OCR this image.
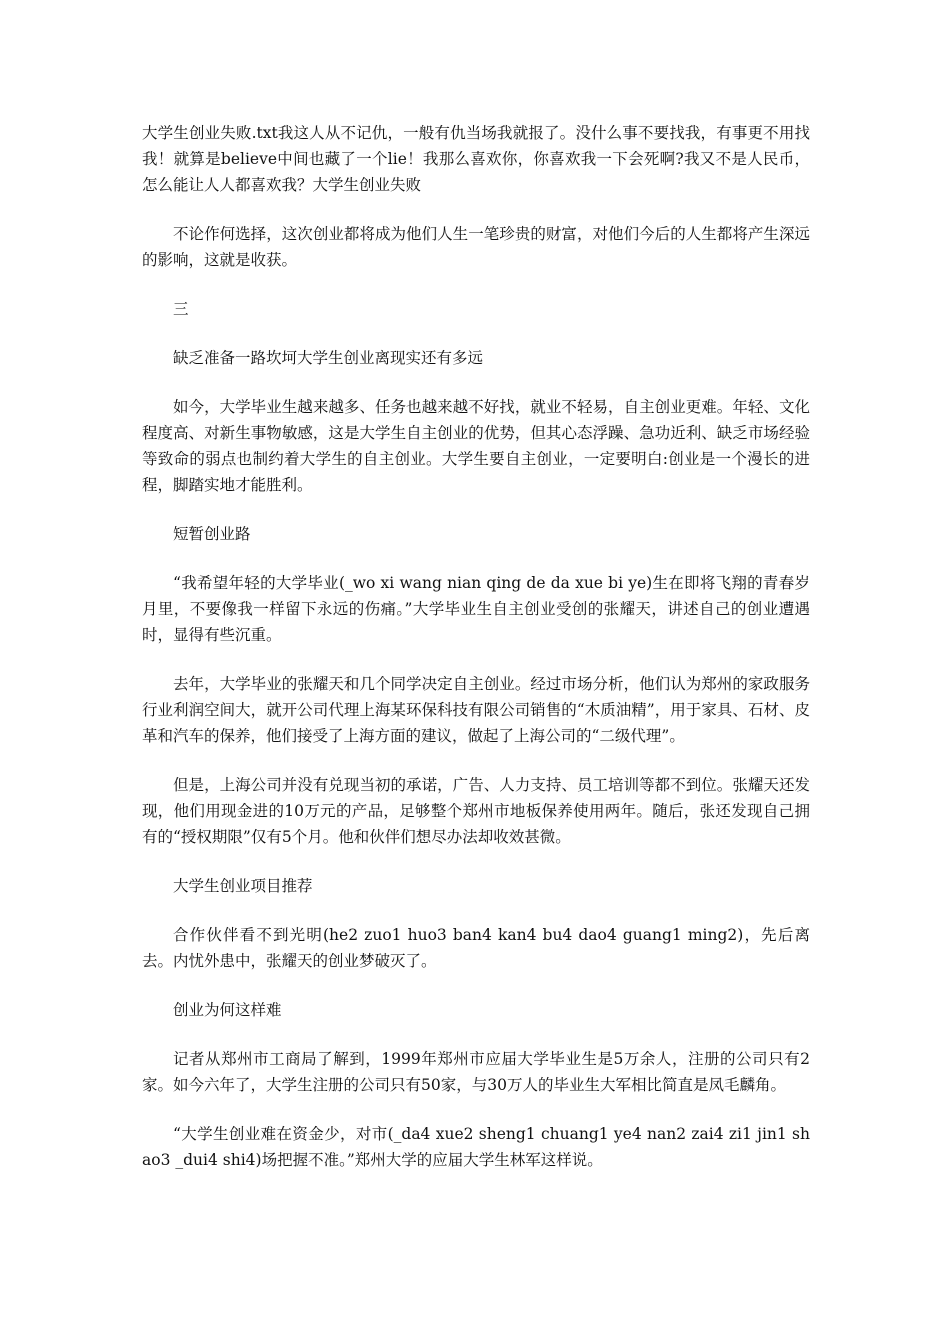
大学生创业失败.txt我这人从不记仇，一般有仇当场我就报了。没什么事不要找我，有事更不用找我！就算是believe中间也藏了一个lie！我那么喜欢你，你喜欢我一下会死啊?我又不是人民币，怎么能让人人都喜欢我？大学生创业失败

不论作何选择，这次创业都将成为他们人生一笔珍贵的财富，对他们今后的人生都将产生深远的影响，这就是收获。

三

缺乏准备一路坎坷大学生创业离现实还有多远

如今，大学毕业生越来越多、任务也越来越不好找，就业不轻易，自主创业更难。年轻、文化程度高、对新生事物敏感，这是大学生自主创业的优势，但其心态浮躁、急功近利、缺乏市场经验等致命的弱点也制约着大学生的自主创业。大学生要自主创业，一定要明白:创业是一个漫长的进程，脚踏实地才能胜利。

短暂创业路

“我希望年轻的大学毕业(_wo xi wang nian qing de da xue bi ye)生在即将飞翔的青春岁月里，不要像我一样留下永远的伤痛。”大学毕业生自主创业受创的张耀天，讲述自己的创业遭遇时，显得有些沉重。

去年，大学毕业的张耀天和几个同学决定自主创业。经过市场分析，他们认为郑州的家政服务行业利润空间大，就开公司代理上海某环保科技有限公司销售的“木质油精”，用于家具、石材、皮革和汽车的保养，他们接受了上海方面的建议，做起了上海公司的“二级代理”。

但是，上海公司并没有兑现当初的承诺，广告、人力支持、员工培训等都不到位。张耀天还发现，他们用现金进的10万元的产品，足够整个郑州市地板保养使用两年。随后，张还发现自己拥有的“授权期限”仅有5个月。他和伙伴们想尽办法却收效甚微。

大学生创业项目推荐

合作伙伴看不到光明(he2 zuo1 huo3 ban4 kan4 bu4 dao4 guang1 ming2)，先后离去。内忧外患中，张耀天的创业梦破灭了。

创业为何这样难

记者从郑州市工商局了解到，1999年郑州市应届大学毕业生是5万余人，注册的公司只有2家。如今六年了，大学生注册的公司只有50家，与30万人的毕业生大军相比简直是凤毛麟角。

“大学生创业难在资金少，对市(_da4 xue2 sheng1 chuang1 ye4 nan2 zai4 zi1 jin1 shao3 _dui4 shi4)场把握不准。”郑州大学的应届大学生林军这样说。
